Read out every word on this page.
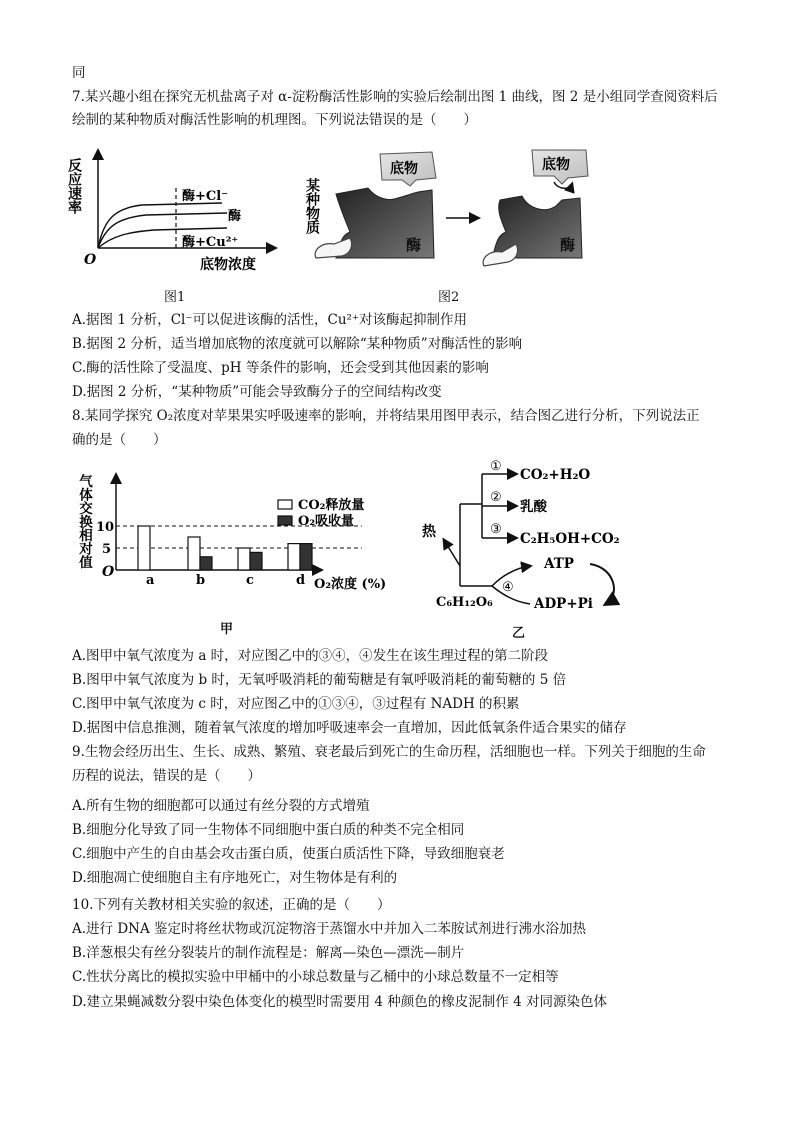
同
7.某兴趣小组在探究无机盐离子对 α-淀粉酶活性影响的实验后绘制出图 1 曲线，图 2 是小组同学查阅资料后
绘制的某种物质对酶活性影响的机理图。下列说法错误的是（　　）
反应速率
O	底物浓度
酶+Cl⁻
酶
酶+Cu²⁺
图1
某种物质
底物
酶
底物
酶
图2
A.据图 1 分析，Cl⁻可以促进该酶的活性，Cu²⁺对该酶起抑制作用
B.据图 2 分析，适当增加底物的浓度就可以解除“某种物质”对酶活性的影响
C.酶的活性除了受温度、pH 等条件的影响，还会受到其他因素的影响
D.据图 2 分析，“某种物质”可能会导致酶分子的空间结构改变
8.某同学探究 O₂浓度对苹果果实呼吸速率的影响，并将结果用图甲表示，结合图乙进行分析，下列说法正
确的是（　　）
气体交换相对值
O
10
5
a	b	c	d O₂浓度 (%)
CO₂释放量
O₂吸收量
甲
①
②
③
CO₂+H₂O
乳酸
C₂H₅OH+CO₂
热
④
ATP
ADP+Pi
C₆H₁₂O₆
乙
A.图甲中氧气浓度为 a 时，对应图乙中的③④，④发生在该生理过程的第二阶段
B.图甲中氧气浓度为 b 时，无氧呼吸消耗的葡萄糖是有氧呼吸消耗的葡萄糖的 5 倍
C.图甲中氧气浓度为 c 时，对应图乙中的①③④，③过程有 NADH 的积累
D.据图中信息推测，随着氧气浓度的增加呼吸速率会一直增加，因此低氧条件适合果实的储存
9.生物会经历出生、生长、成熟、繁殖、衰老最后到死亡的生命历程，活细胞也一样。下列关于细胞的生命
历程的说法，错误的是（　　）
A.所有生物的细胞都可以通过有丝分裂的方式增殖
B.细胞分化导致了同一生物体不同细胞中蛋白质的种类不完全相同
C.细胞中产生的自由基会攻击蛋白质，使蛋白质活性下降，导致细胞衰老
D.细胞凋亡使细胞自主有序地死亡，对生物体是有利的
10.下列有关教材相关实验的叙述，正确的是（　　）
A.进行 DNA 鉴定时将丝状物或沉淀物溶于蒸馏水中并加入二苯胺试剂进行沸水浴加热
B.洋葱根尖有丝分裂装片的制作流程是：解离—染色—漂洗—制片
C.性状分离比的模拟实验中甲桶中的小球总数量与乙桶中的小球总数量不一定相等
D.建立果蝇减数分裂中染色体变化的模型时需要用 4 种颜色的橡皮泥制作 4 对同源染色体
